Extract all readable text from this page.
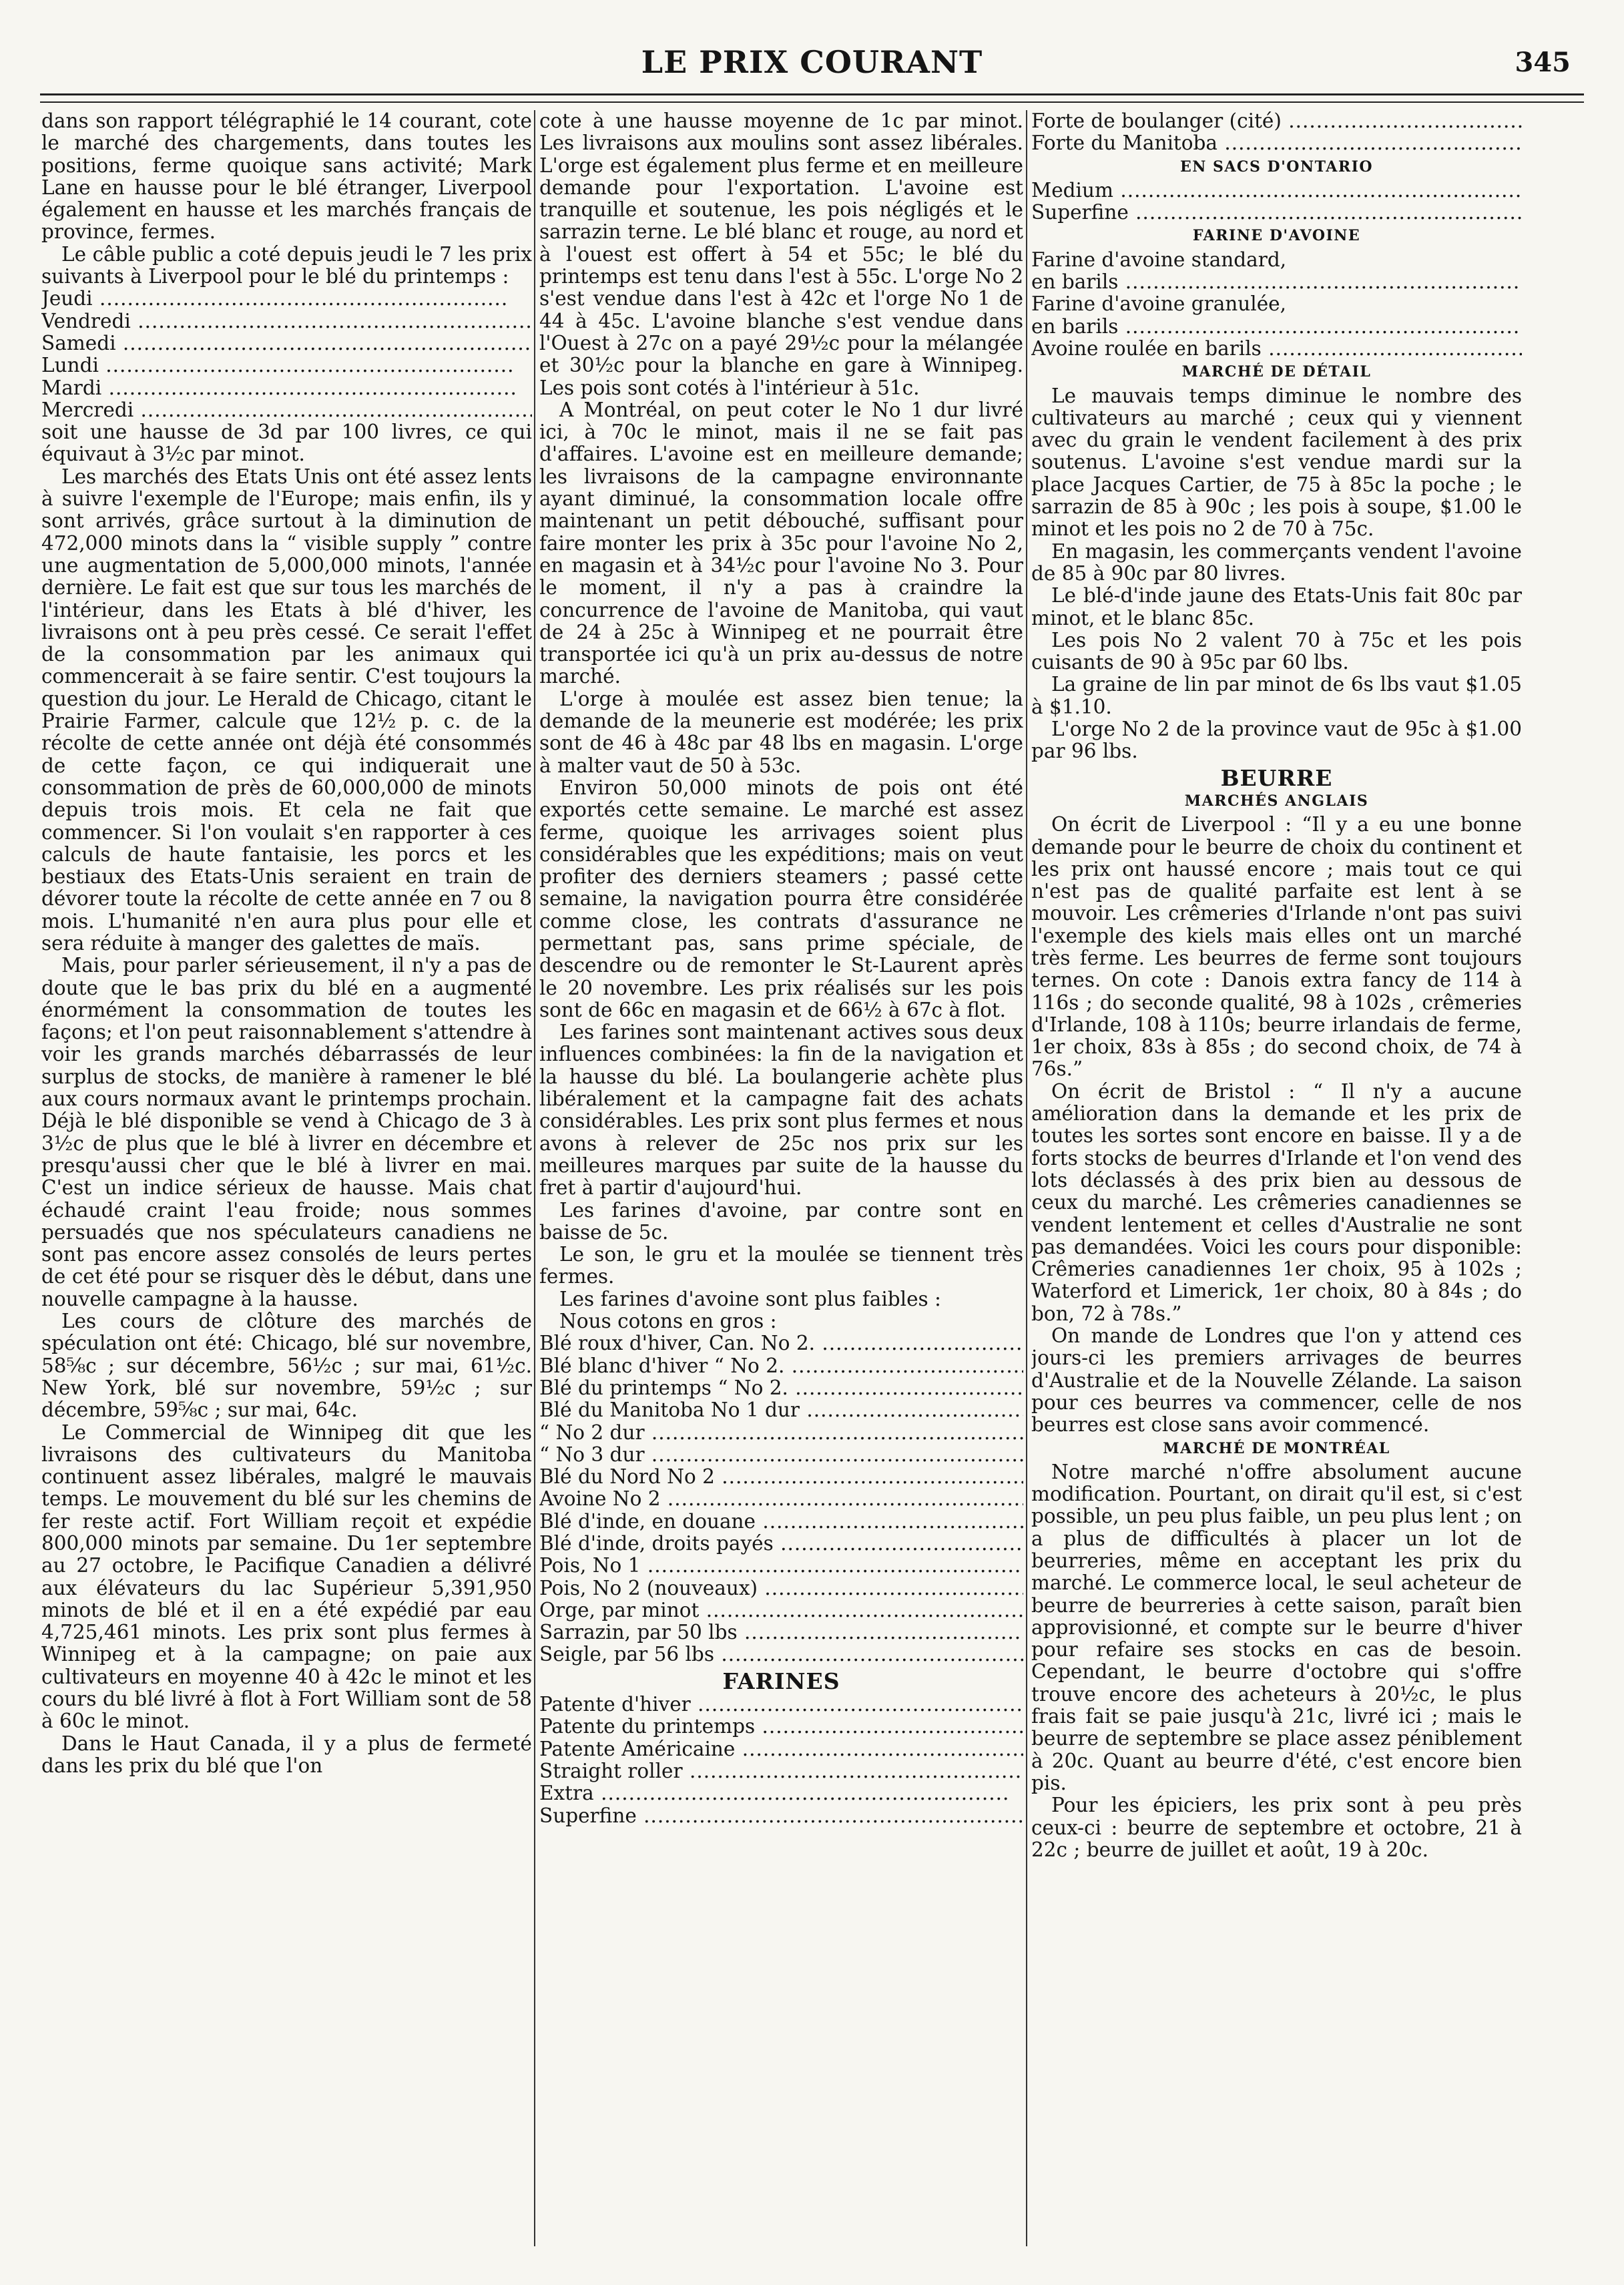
LE PRIX COURANT	345

dans son rapport télégraphié le 14 courant, cote le marché des chargements, dans toutes les positions, ferme quoique sans activité; Mark Lane en hausse pour le blé étranger, Liverpool également en hausse et les marchés français de province, fermes.

Le câble public a coté depuis jeudi le 7 les prix suivants à Liverpool pour le blé du printemps :

Jeudi .....		
Vendredi .....		
Samedi .....		
Lundi .....		
Mardi .....		
Mercredi .....		

soit une hausse de 3d par 100 livres, ce qui équivaut à 3½c par minot.

Les marchés des Etats Unis ont été assez lents à suivre l'exemple de l'Europe; mais enfin, ils y sont arrivés, grâce surtout à la diminution de 472,000 minots dans la “ visible supply ” contre une augmentation de 5,000,000 minots, l'année dernière. Le fait est que sur tous les marchés de l'intérieur, dans les Etats à blé d'hiver, les livraisons ont à peu près cessé. Ce serait l'effet de la consommation par les animaux qui commencerait à se faire sentir. C'est toujours la question du jour. Le Herald de Chicago, citant le Prairie Farmer, calcule que 12½ p. c. de la récolte de cette année ont déjà été consommés de cette façon, ce qui indiquerait une consommation de près de 60,000,000 de minots depuis trois mois. Et cela ne fait que commencer. Si l'on voulait s'en rapporter à ces calculs de haute fantaisie, les porcs et les bestiaux des Etats-Unis seraient en train de dévorer toute la récolte de cette année en 7 ou 8 mois. L'humanité n'en aura plus pour elle et sera réduite à manger des galettes de maïs.

Mais, pour parler sérieusement, il n'y a pas de doute que le bas prix du blé en a augmenté énormément la consommation de toutes les façons; et l'on peut raisonnablement s'attendre à voir les grands marchés débarrassés de leur surplus de stocks, de manière à ramener le blé aux cours normaux avant le printemps prochain. Déjà le blé disponible se vend à Chicago de 3 à 3½c de plus que le blé à livrer en décembre et presqu'aussi cher que le blé à livrer en mai. C'est un indice sérieux de hausse. Mais chat échaudé craint l'eau froide; nous sommes persuadés que nos spéculateurs canadiens ne sont pas encore assez consolés de leurs pertes de cet été pour se risquer dès le début, dans une nouvelle campagne à la hausse.

Les cours de clôture des marchés de spéculation ont été: Chicago, blé sur novembre, 58⅝c ; sur décembre, 56½c ; sur mai, 61½c. New York, blé sur novembre, 59½c ; sur décembre, 59⅝c ; sur mai, 64c.

Le Commercial de Winnipeg dit que les livraisons des cultivateurs du Manitoba continuent assez libérales, malgré le mauvais temps. Le mouvement du blé sur les chemins de fer reste actif. Fort William reçoit et expédie 800,000 minots par semaine. Du 1er septembre au 27 octobre, le Pacifique Canadien a délivré aux élévateurs du lac Supérieur 5,391,950 minots de blé et il en a été expédié par eau 4,725,461 minots. Les prix sont plus fermes à Winnipeg et à la campagne; on paie aux cultivateurs en moyenne 40 à 42c le minot et les cours du blé livré à flot à Fort William sont de 58 à 60c le minot.

Dans le Haut Canada, il y a plus de fermeté dans les prix du blé que l'on

cote à une hausse moyenne de 1c par minot. Les livraisons aux moulins sont assez libérales. L'orge est également plus ferme et en meilleure demande pour l'exportation. L'avoine est tranquille et soutenue, les pois négligés et le sarrazin terne. Le blé blanc et rouge, au nord et à l'ouest est offert à 54 et 55c; le blé du printemps est tenu dans l'est à 55c. L'orge No 2 s'est vendue dans l'est à 42c et l'orge No 1 de 44 à 45c. L'avoine blanche s'est vendue dans l'Ouest à 27c on a payé 29½c pour la mélangée et 30½c pour la blanche en gare à Winnipeg. Les pois sont cotés à l'intérieur à 51c.

A Montréal, on peut coter le No 1 dur livré ici, à 70c le minot, mais il ne se fait pas d'affaires. L'avoine est en meilleure demande; les livraisons de la campagne environnante ayant diminué, la consommation locale offre maintenant un petit débouché, suffisant pour faire monter les prix à 35c pour l'avoine No 2, en magasin et à 34½c pour l'avoine No 3. Pour le moment, il n'y a pas à craindre la concurrence de l'avoine de Manitoba, qui vaut de 24 à 25c à Winnipeg et ne pourrait être transportée ici qu'à un prix au-dessus de notre marché.

L'orge à moulée est assez bien tenue; la demande de la meunerie est modérée; les prix sont de 46 à 48c par 48 lbs en magasin. L'orge à malter vaut de 50 à 53c.

Environ 50,000 minots de pois ont été exportés cette semaine. Le marché est assez ferme, quoique les arrivages soient plus considérables que les expéditions; mais on veut profiter des derniers steamers ; passé cette semaine, la navigation pourra être considérée comme close, les contrats d'assurance ne permettant pas, sans prime spéciale, de descendre ou de remonter le St-Laurent après le 20 novembre. Les prix réalisés sur les pois sont de 66c en magasin et de 66½ à 67c à flot.

Les farines sont maintenant actives sous deux influences combinées: la fin de la navigation et la hausse du blé. La boulangerie achète plus libéralement et la campagne fait des achats considérables. Les prix sont plus fermes et nous avons à relever de 25c nos prix sur les meilleures marques par suite de la hausse du fret à partir d'aujourd'hui.

Les farines d'avoine, par contre sont en baisse de 5c.

Le son, le gru et la moulée se tiennent très fermes.

Les farines d'avoine sont plus faibles :

Nous cotons en gros :

Blé roux d'hiver, Can. No 2. .....	
Blé blanc d'hiver “ No 2. .....	
Blé du printemps “ No 2. .....	
Blé du Manitoba No 1 dur .....	
“ No 2 dur .....	
“ No 3 dur .....	
Blé du Nord No 2 .....	
Avoine No 2 .....	
Blé d'inde, en douane .....	
Blé d'inde, droits payés .....	
Pois, No 1 .....	
Pois, No 2 (nouveaux) .....	
Orge, par minot .....	
Sarrazin, par 50 lbs .....	
Seigle, par 56 lbs .....	
FARINES
Patente d'hiver .....	
Patente du printemps .....	
Patente Américaine .....	
Straight roller .....	
Extra .....	
Superfine .....	
Forte de boulanger (cité) .....	
Forte du Manitoba .....	
EN SACS D'ONTARIO
Medium .....	
Superfine .....	
FARINE D'AVOINE
Farine d'avoine standard,	
en barils .....	
Farine d'avoine granulée,	
en barils .....	
Avoine roulée en barils .....	
MARCHÉ DE DÉTAIL

Le mauvais temps diminue le nombre des cultivateurs au marché ; ceux qui y viennent avec du grain le vendent facilement à des prix soutenus. L'avoine s'est vendue mardi sur la place Jacques Cartier, de 75 à 85c la poche ; le sarrazin de 85 à 90c ; les pois à soupe, $1.00 le minot et les pois no 2 de 70 à 75c.

En magasin, les commerçants vendent l'avoine de 85 à 90c par 80 livres.

Le blé-d'inde jaune des Etats-Unis fait 80c par minot, et le blanc 85c.

Les pois No 2 valent 70 à 75c et les pois cuisants de 90 à 95c par 60 lbs.

La graine de lin par minot de 6s lbs vaut $1.05 à $1.10.

L'orge No 2 de la province vaut de 95c à $1.00 par 96 lbs.

BEURRE
MARCHÉS ANGLAIS

On écrit de Liverpool : “Il y a eu une bonne demande pour le beurre de choix du continent et les prix ont haussé encore ; mais tout ce qui n'est pas de qualité parfaite est lent à se mouvoir. Les crêmeries d'Irlande n'ont pas suivi l'exemple des kiels mais elles ont un marché très ferme. Les beurres de ferme sont toujours ternes. On cote : Danois extra fancy de 114 à 116s ; do seconde qualité, 98 à 102s , crêmeries d'Irlande, 108 à 110s; beurre irlandais de ferme, 1er choix, 83s à 85s ; do second choix, de 74 à 76s.”

On écrit de Bristol : “ Il n'y a aucune amélioration dans la demande et les prix de toutes les sortes sont encore en baisse. Il y a de forts stocks de beurres d'Irlande et l'on vend des lots déclassés à des prix bien au dessous de ceux du marché. Les crêmeries canadiennes se vendent lentement et celles d'Australie ne sont pas demandées. Voici les cours pour disponible: Crêmeries canadiennes 1er choix, 95 à 102s ; Waterford et Limerick, 1er choix, 80 à 84s ; do bon, 72 à 78s.”

On mande de Londres que l'on y attend ces jours-ci les premiers arrivages de beurres d'Australie et de la Nouvelle Zélande. La saison pour ces beurres va commencer, celle de nos beurres est close sans avoir commencé.

MARCHÉ DE MONTRÉAL

Notre marché n'offre absolument aucune modification. Pourtant, on dirait qu'il est, si c'est possible, un peu plus faible, un peu plus lent ; on a plus de difficultés à placer un lot de beurreries, même en acceptant les prix du marché. Le commerce local, le seul acheteur de beurre de beurreries à cette saison, paraît bien approvisionné, et compte sur le beurre d'hiver pour refaire ses stocks en cas de besoin. Cependant, le beurre d'octobre qui s'offre trouve encore des acheteurs à 20½c, le plus frais fait se paie jusqu'à 21c, livré ici ; mais le beurre de septembre se place assez péniblement à 20c. Quant au beurre d'été, c'est encore bien pis.

Pour les épiciers, les prix sont à peu près ceux-ci : beurre de septembre et octobre, 21 à 22c ; beurre de juillet et août, 19 à 20c.
